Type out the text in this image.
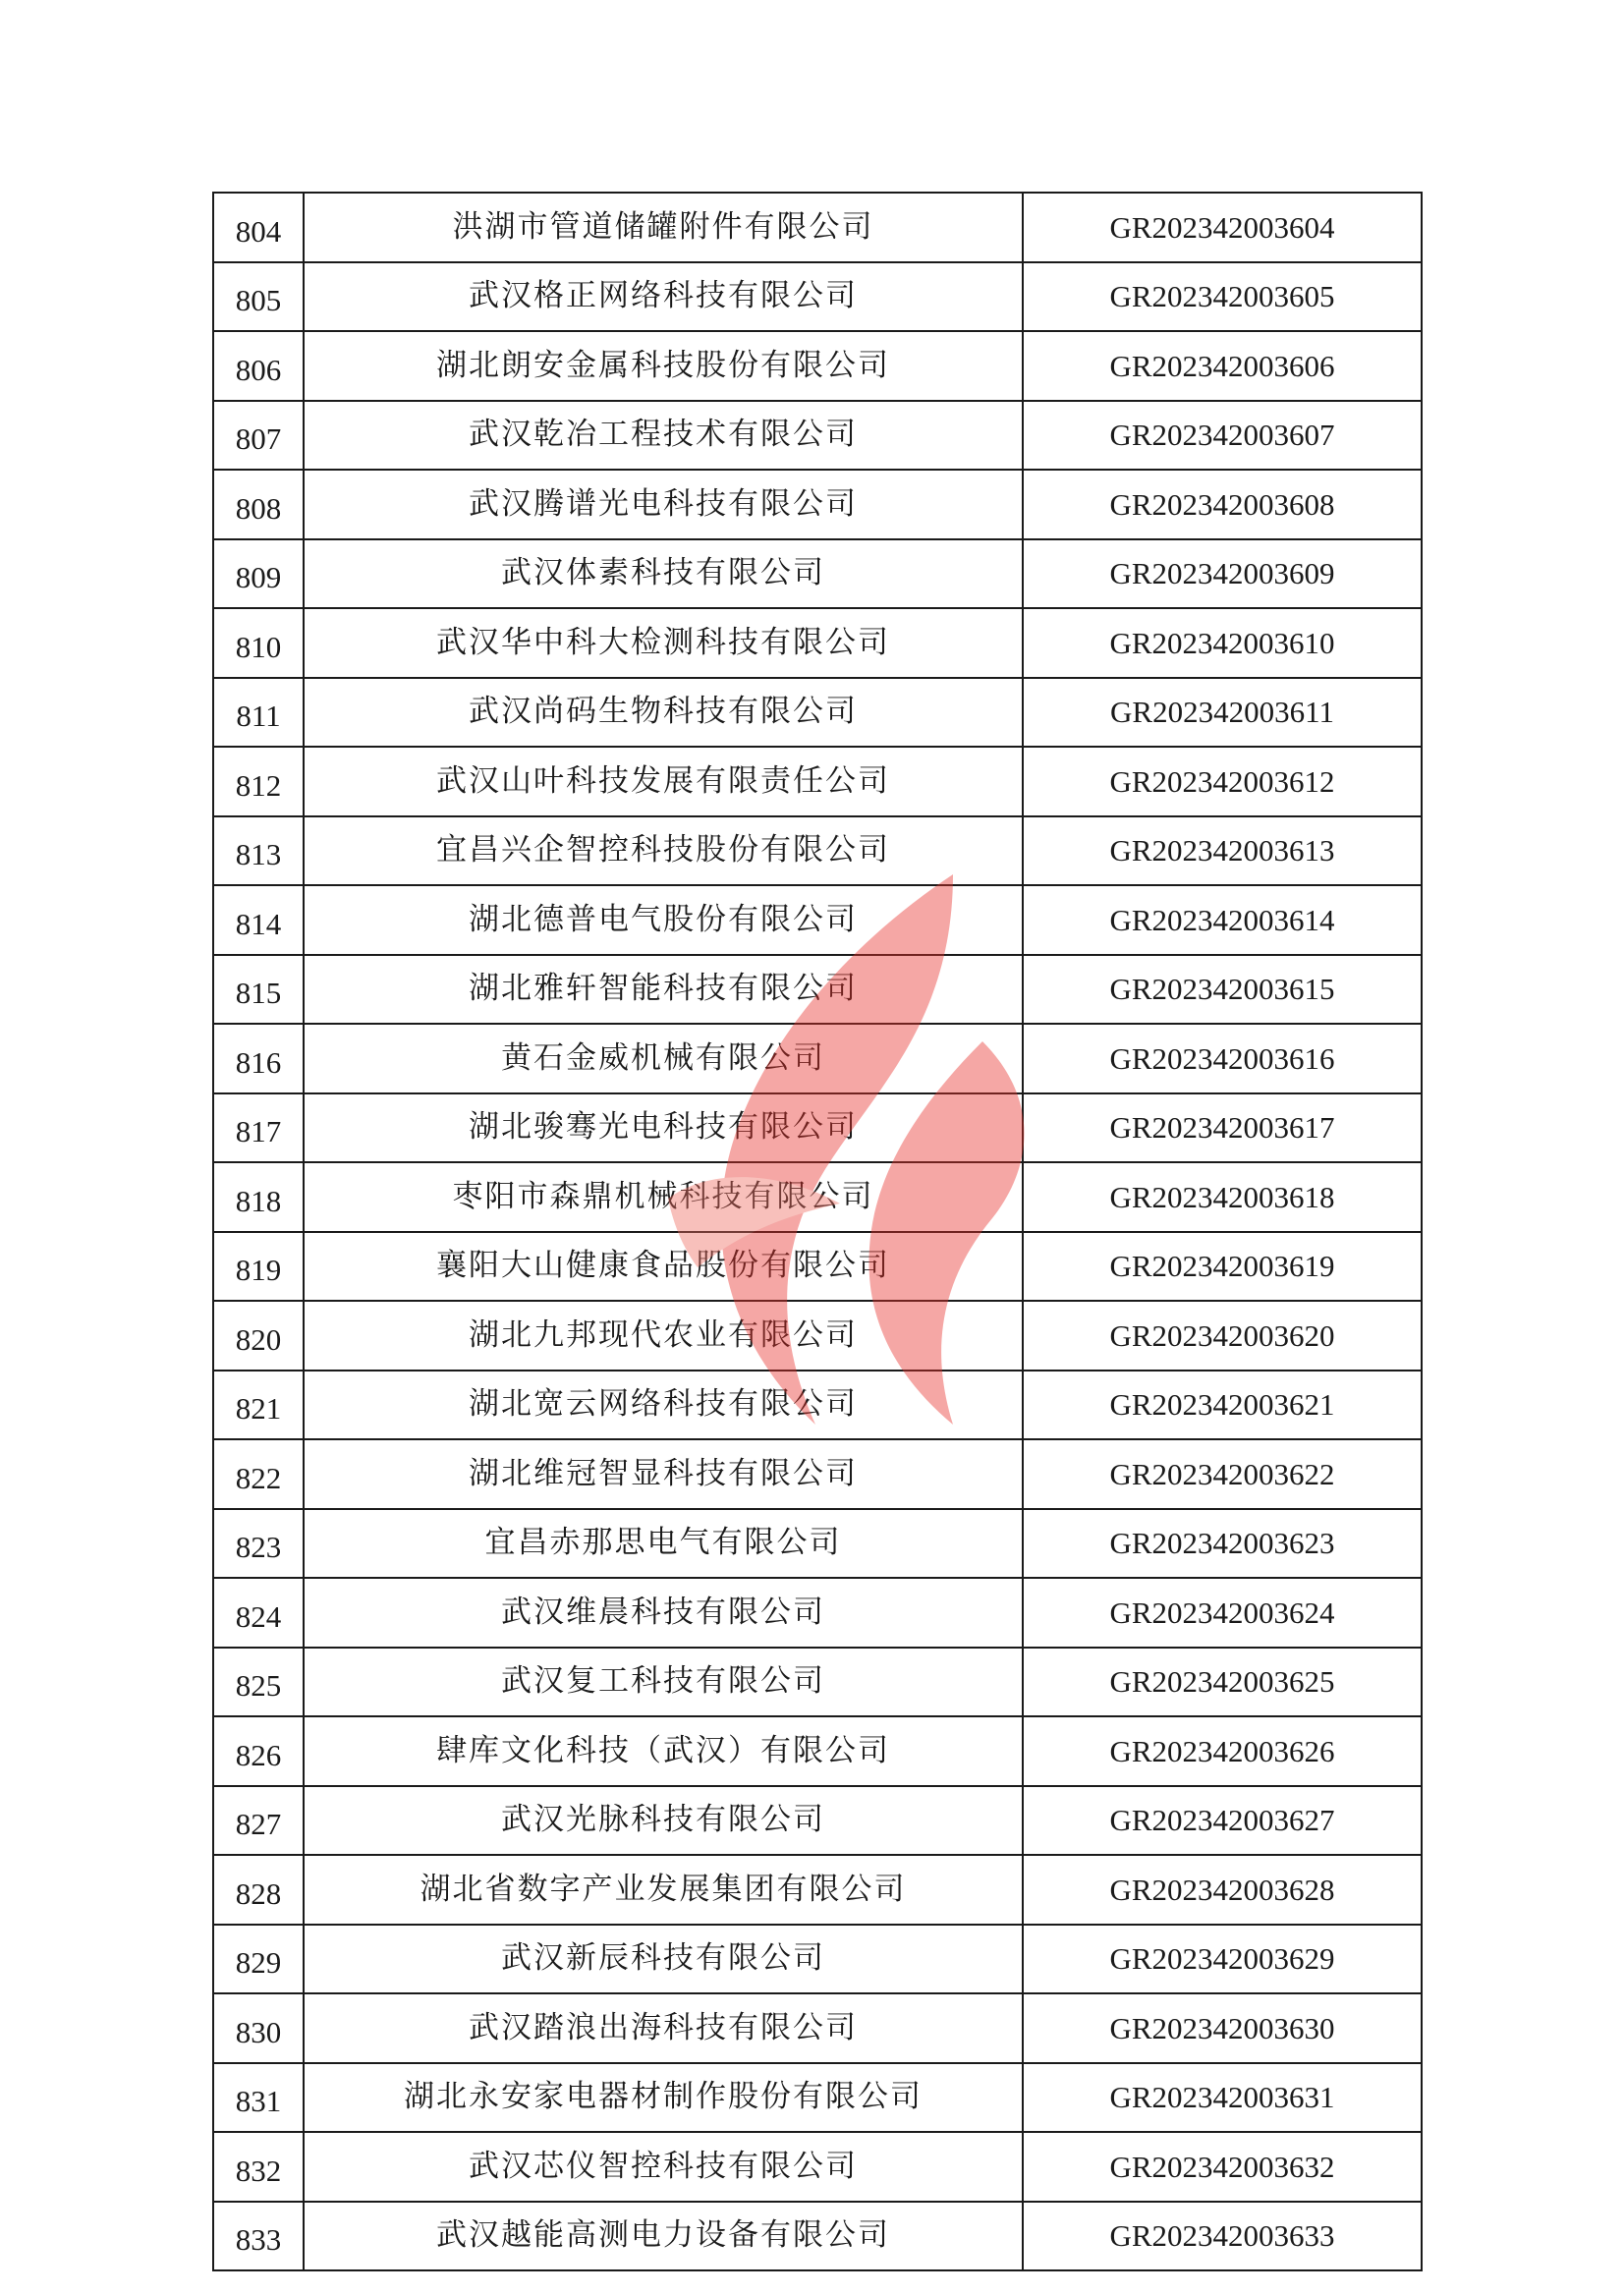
804	洪湖市管道储罐附件有限公司	GR202342003604
805	武汉格正网络科技有限公司	GR202342003605
806	湖北朗安金属科技股份有限公司	GR202342003606
807	武汉乾冶工程技术有限公司	GR202342003607
808	武汉腾谱光电科技有限公司	GR202342003608
809	武汉体素科技有限公司	GR202342003609
810	武汉华中科大检测科技有限公司	GR202342003610
811	武汉尚码生物科技有限公司	GR202342003611
812	武汉山叶科技发展有限责任公司	GR202342003612
813	宜昌兴企智控科技股份有限公司	GR202342003613
814	湖北德普电气股份有限公司	GR202342003614
815	湖北雅轩智能科技有限公司	GR202342003615
816	黄石金威机械有限公司	GR202342003616
817	湖北骏骞光电科技有限公司	GR202342003617
818	枣阳市森鼎机械科技有限公司	GR202342003618
819	襄阳大山健康食品股份有限公司	GR202342003619
820	湖北九邦现代农业有限公司	GR202342003620
821	湖北宽云网络科技有限公司	GR202342003621
822	湖北维冠智显科技有限公司	GR202342003622
823	宜昌赤那思电气有限公司	GR202342003623
824	武汉维晨科技有限公司	GR202342003624
825	武汉复工科技有限公司	GR202342003625
826	肆库文化科技（武汉）有限公司	GR202342003626
827	武汉光脉科技有限公司	GR202342003627
828	湖北省数字产业发展集团有限公司	GR202342003628
829	武汉新辰科技有限公司	GR202342003629
830	武汉踏浪出海科技有限公司	GR202342003630
831	湖北永安家电器材制作股份有限公司	GR202342003631
832	武汉芯仪智控科技有限公司	GR202342003632
833	武汉越能高测电力设备有限公司	GR202342003633
